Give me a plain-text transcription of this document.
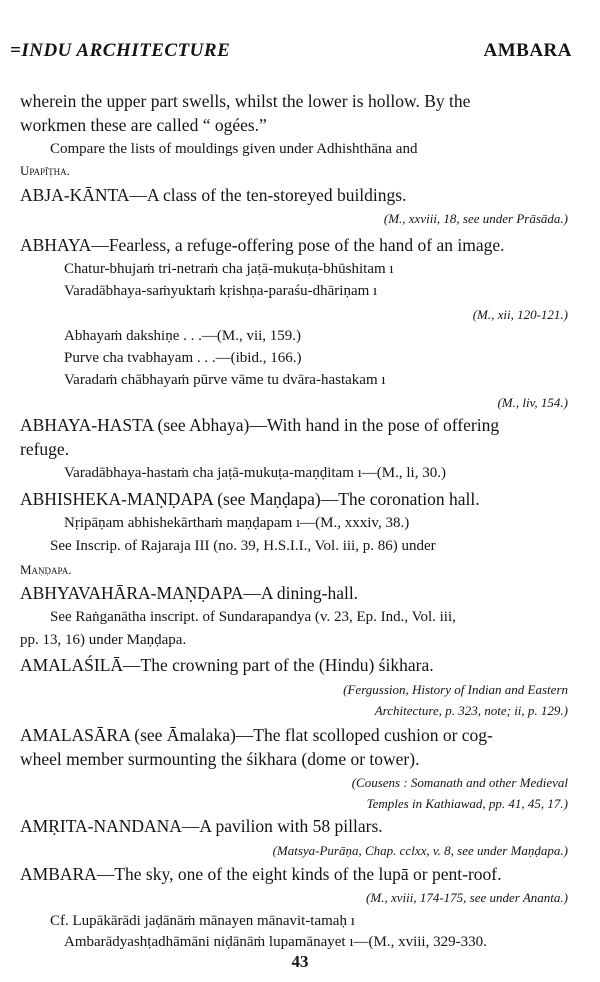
=INDU ARCHITECTURE	AMBARA
wherein the upper part swells, whilst the lower is hollow. By the
workmen these are called “ ogées.”
Compare the lists of mouldings given under Adhishthāna and
Upapīṭha.
ABJA-KĀNTA—A class of the ten-storeyed buildings.
(M., xxviii, 18, see under Prāsāda.)
ABHAYA—Fearless, a refuge-offering pose of the hand of an image.
Chatur-bhujaṁ tri-netraṁ cha jaṭā-mukuṭa-bhūshitam ı
Varadābhaya-saṁyuktaṁ kṛishṇa-paraśu-dhāriṇam ı
(M., xii, 120-121.)
Abhayaṁ dakshiṇe . . .—(M., vii, 159.)
Purve cha tvabhayam . . .—(ibid., 166.)
Varadaṁ chābhayaṁ pūrve vāme tu dvāra-hastakam ı
(M., liv, 154.)
ABHAYA-HASTA (see Abhaya)—With hand in the pose of offering
refuge.
Varadābhaya-hastaṁ cha jaṭā-mukuṭa-maṇḍitam ı—(M., li, 30.)
ABHISHEKA-MAṆḌAPA (see Maṇḍapa)—The coronation hall.
Nṛipāṇam abhishekārthaṁ maṇḍapam ı—(M., xxxiv, 38.)
See Inscrip. of Rajaraja III (no. 39, H.S.I.I., Vol. iii, p. 86) under
Maṇḍapa.
ABHYAVAHĀRA-MAṆḌAPA—A dining-hall.
See Raṅganātha inscript. of Sundarapandya (v. 23, Ep. Ind., Vol. iii,
pp. 13, 16) under Maṇḍapa.
AMALAŚILĀ—The crowning part of the (Hindu) śikhara.
(Fergussion, History of Indian and Eastern
Architecture, p. 323, note; ii, p. 129.)
AMALASĀRA (see Āmalaka)—The flat scolloped cushion or cog-
wheel member surmounting the śikhara (dome or tower).
(Cousens : Somanath and other Medieval
Temples in Kathiawad, pp. 41, 45, 17.)
AMṚITA-NANDANA—A pavilion with 58 pillars.
(Matsya-Purāṇa, Chap. cclxx, v. 8, see under Maṇḍapa.)
AMBARA—The sky, one of the eight kinds of the lupā or pent-roof.
(M., xviii, 174-175, see under Ananta.)
Cf. Lupākārādi jaḍānāṁ mānayen mānavit-tamaḥ ı
Ambarādyashṭadhāmāni niḍānāṁ lupamānayet ı—(M., xviii, 329-330.
43
